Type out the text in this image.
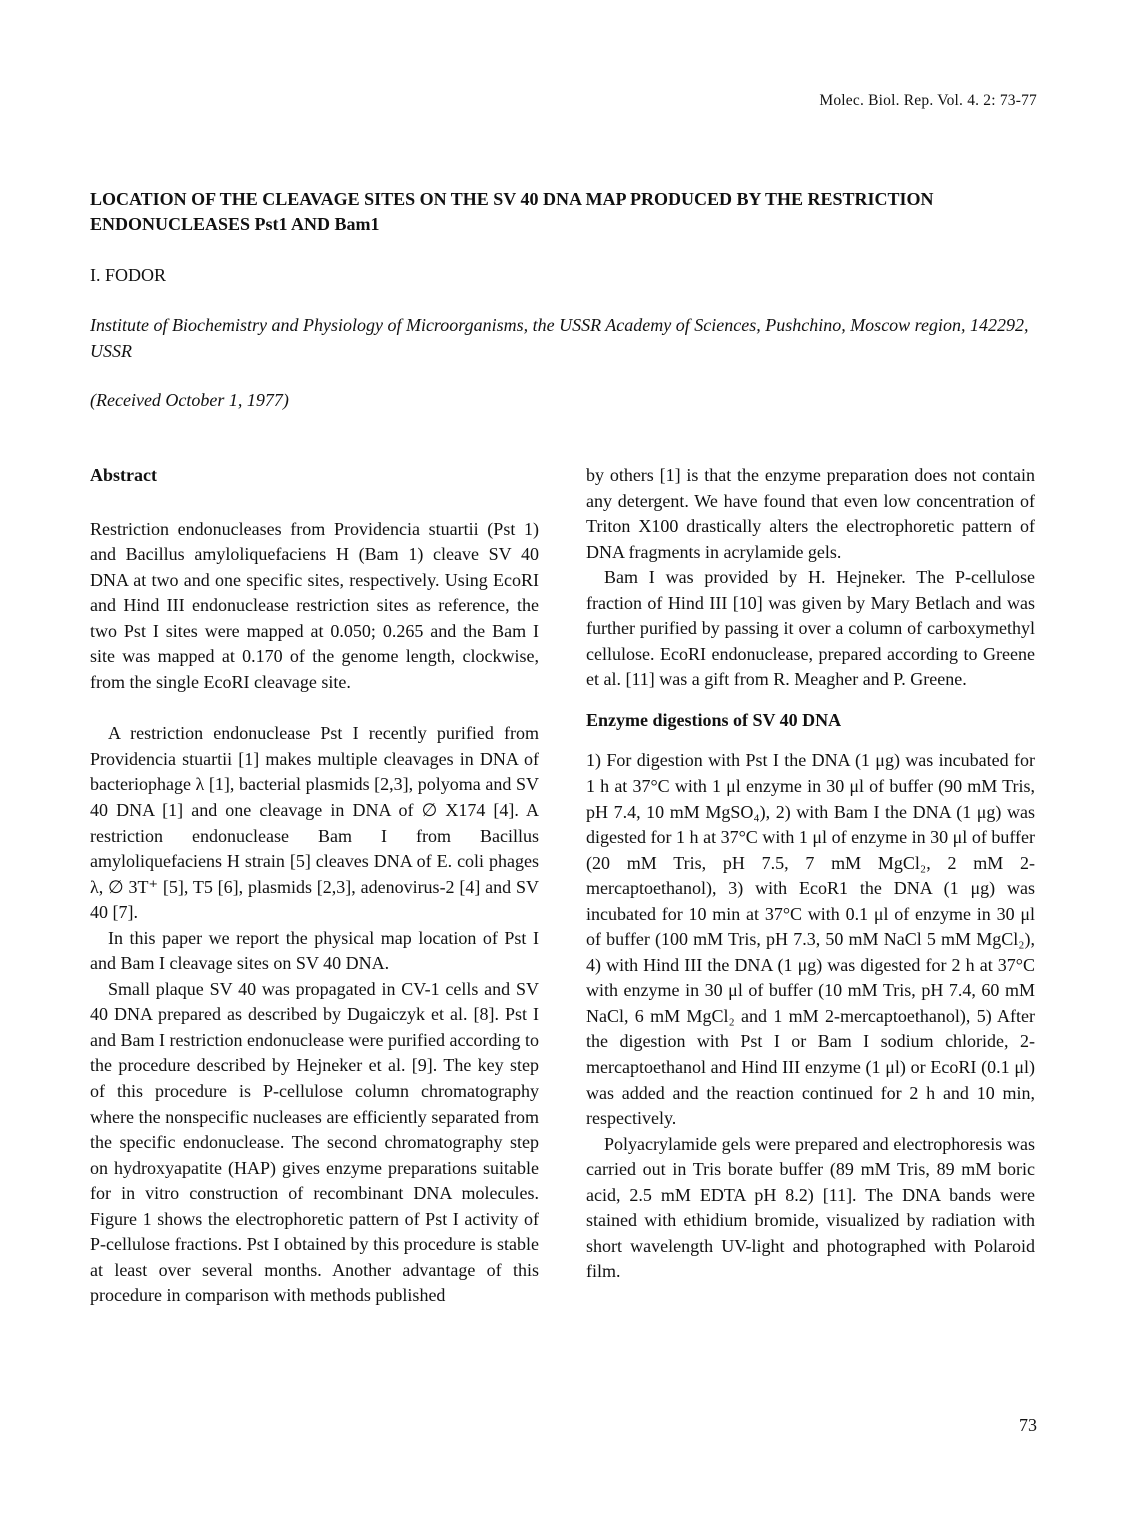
Molec. Biol. Rep. Vol. 4. 2: 73-77
LOCATION OF THE CLEAVAGE SITES ON THE SV 40 DNA MAP PRODUCED BY THE RESTRICTION ENDONUCLEASES Pst1 AND Bam1
I. FODOR
Institute of Biochemistry and Physiology of Microorganisms, the USSR Academy of Sciences, Pushchino, Moscow region, 142292, USSR
(Received October 1, 1977)
Abstract

Restriction endonucleases from Providencia stuartii (Pst 1) and Bacillus amyloliquefaciens H (Bam 1) cleave SV 40 DNA at two and one specific sites, respectively. Using EcoRI and Hind III endonuclease restriction sites as reference, the two Pst I sites were mapped at 0.050; 0.265 and the Bam I site was mapped at 0.170 of the genome length, clockwise, from the single EcoRI cleavage site.

A restriction endonuclease Pst I recently purified from Providencia stuartii [1] makes multiple cleavages in DNA of bacteriophage λ [1], bacterial plasmids [2,3], polyoma and SV 40 DNA [1] and one cleavage in DNA of ∅ X174 [4]. A restriction endonuclease Bam I from Bacillus amyloliquefaciens H strain [5] cleaves DNA of E. coli phages λ, ∅ 3T⁺ [5], T5 [6], plasmids [2,3], adenovirus-2 [4] and SV 40 [7].

In this paper we report the physical map location of Pst I and Bam I cleavage sites on SV 40 DNA.

Small plaque SV 40 was propagated in CV-1 cells and SV 40 DNA prepared as described by Dugaiczyk et al. [8]. Pst I and Bam I restriction endonuclease were purified according to the procedure described by Hejneker et al. [9]. The key step of this procedure is P-cellulose column chromatography where the nonspecific nucleases are efficiently separated from the specific endonuclease. The second chromatography step on hydroxyapatite (HAP) gives enzyme preparations suitable for in vitro construction of recombinant DNA molecules. Figure 1 shows the electrophoretic pattern of Pst I activity of P-cellulose fractions. Pst I obtained by this procedure is stable at least over several months. Another advantage of this procedure in comparison with methods published

by others [1] is that the enzyme preparation does not contain any detergent. We have found that even low concentration of Triton X100 drastically alters the electrophoretic pattern of DNA fragments in acrylamide gels.

Bam I was provided by H. Hejneker. The P-cellulose fraction of Hind III [10] was given by Mary Betlach and was further purified by passing it over a column of carboxymethyl cellulose. EcoRI endonuclease, prepared according to Greene et al. [11] was a gift from R. Meagher and P. Greene.

Enzyme digestions of SV 40 DNA

1) For digestion with Pst I the DNA (1 μg) was incubated for 1 h at 37°C with 1 μl enzyme in 30 μl of buffer (90 mM Tris, pH 7.4, 10 mM MgSO₄), 2) with Bam I the DNA (1 μg) was digested for 1 h at 37°C with 1 μl of enzyme in 30 μl of buffer (20 mM Tris, pH 7.5, 7 mM MgCl₂, 2 mM 2-mercaptoethanol), 3) with EcoR1 the DNA (1 μg) was incubated for 10 min at 37°C with 0.1 μl of enzyme in 30 μl of buffer (100 mM Tris, pH 7.3, 50 mM NaCl 5 mM MgCl₂), 4) with Hind III the DNA (1 μg) was digested for 2 h at 37°C with enzyme in 30 μl of buffer (10 mM Tris, pH 7.4, 60 mM NaCl, 6 mM MgCl₂ and 1 mM 2-mercaptoethanol), 5) After the digestion with Pst I or Bam I sodium chloride, 2-mercaptoethanol and Hind III enzyme (1 μl) or EcoRI (0.1 μl) was added and the reaction continued for 2 h and 10 min, respectively.

Polyacrylamide gels were prepared and electrophoresis was carried out in Tris borate buffer (89 mM Tris, 89 mM boric acid, 2.5 mM EDTA pH 8.2) [11]. The DNA bands were stained with ethidium bromide, visualized by radiation with short wavelength UV-light and photographed with Polaroid film.

73
